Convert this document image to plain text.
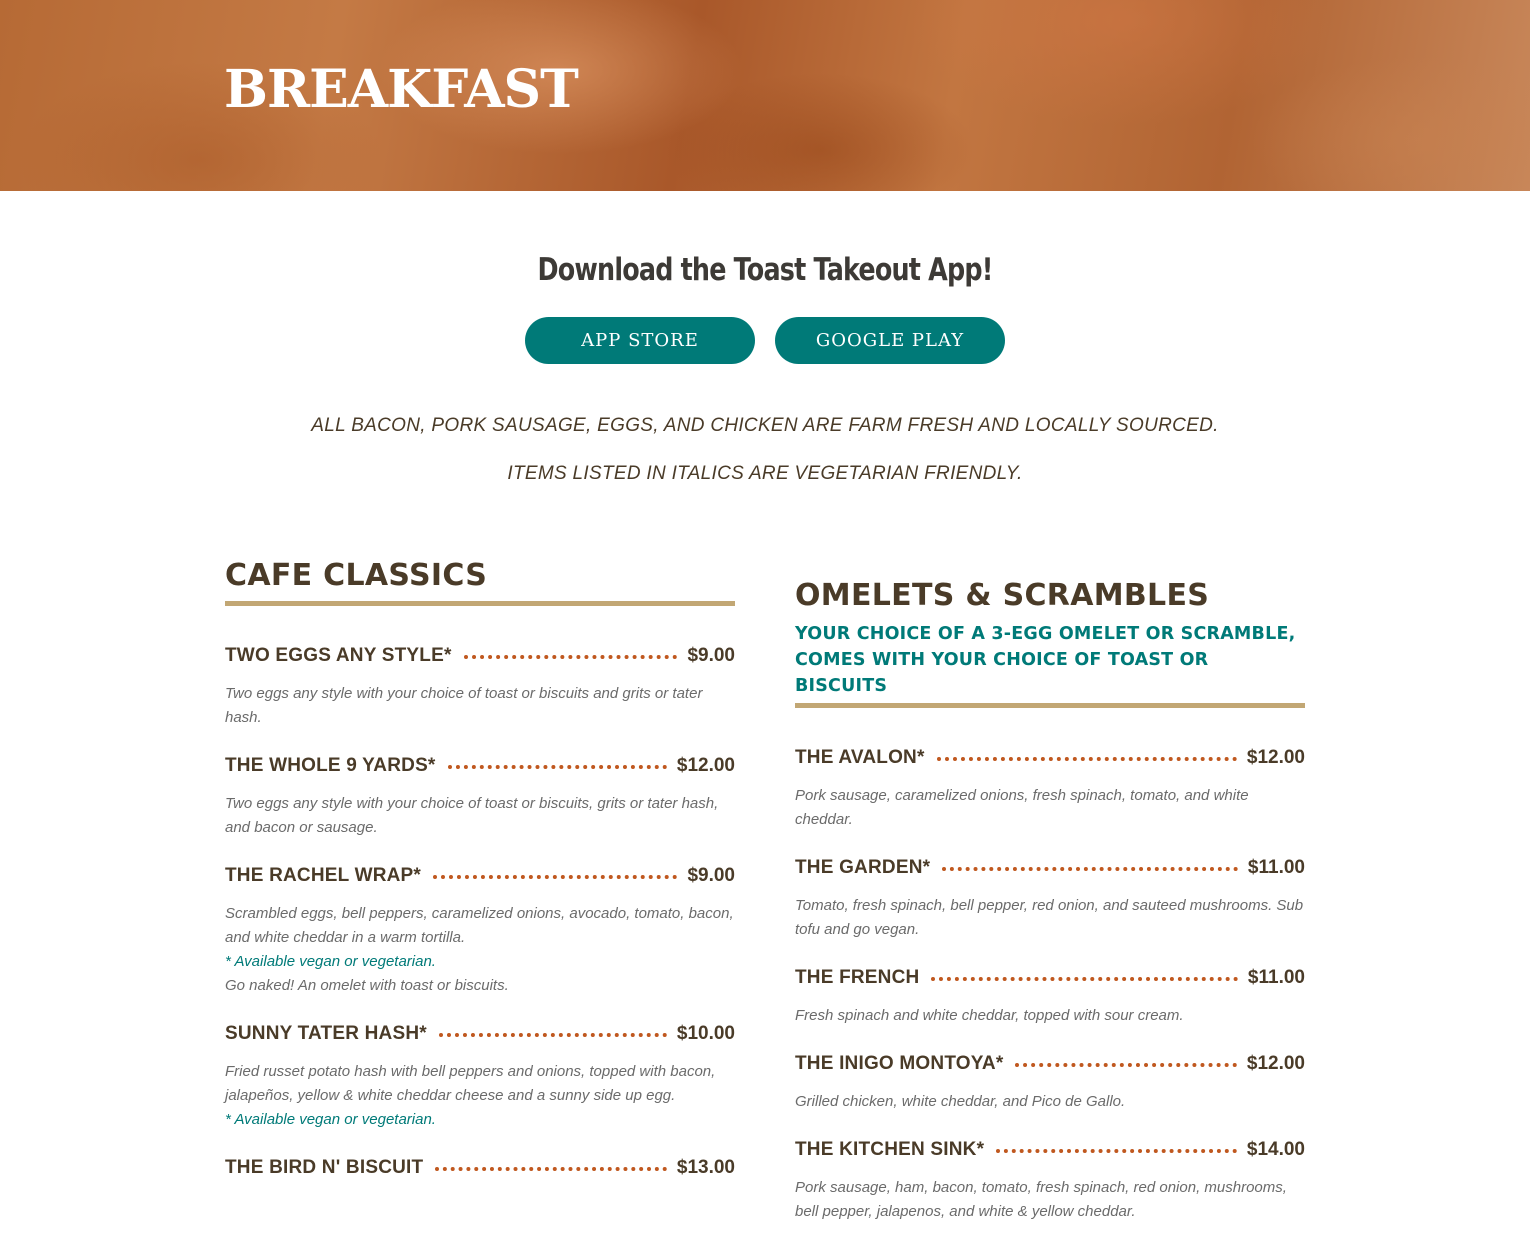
BREAKFAST
Download the Toast Takeout App!
APP STORE	GOOGLE PLAY

ALL BACON, PORK SAUSAGE, EGGS, AND CHICKEN ARE FARM FRESH AND LOCALLY SOURCED.

ITEMS LISTED IN ITALICS ARE VEGETARIAN FRIENDLY.

CAFE CLASSICS
TWO EGGS ANY STYLE*	$9.00
Two eggs any style with your choice of toast or biscuits and grits or tater hash.
THE WHOLE 9 YARDS*	$12.00
Two eggs any style with your choice of toast or biscuits, grits or tater hash, and bacon or sausage.
THE RACHEL WRAP*	$9.00
Scrambled eggs, bell peppers, caramelized onions, avocado, tomato, bacon, and white cheddar in a warm tortilla.
* Available vegan or vegetarian.
Go naked! An omelet with toast or biscuits.
SUNNY TATER HASH*	$10.00
Fried russet potato hash with bell peppers and onions, topped with bacon, jalapeños, yellow & white cheddar cheese and a sunny side up egg.
* Available vegan or vegetarian.
THE BIRD N' BISCUIT	$13.00
OMELETS & SCRAMBLES
YOUR CHOICE OF A 3-EGG OMELET OR SCRAMBLE, COMES WITH YOUR CHOICE OF TOAST OR BISCUITS
THE AVALON*	$12.00
Pork sausage, caramelized onions, fresh spinach, tomato, and white cheddar.
THE GARDEN*	$11.00
Tomato, fresh spinach, bell pepper, red onion, and sauteed mushrooms. Sub tofu and go vegan.
THE FRENCH	$11.00
Fresh spinach and white cheddar, topped with sour cream.
THE INIGO MONTOYA*	$12.00
Grilled chicken, white cheddar, and Pico de Gallo.
THE KITCHEN SINK*	$14.00
Pork sausage, ham, bacon, tomato, fresh spinach, red onion, mushrooms, bell pepper, jalapenos, and white & yellow cheddar.
